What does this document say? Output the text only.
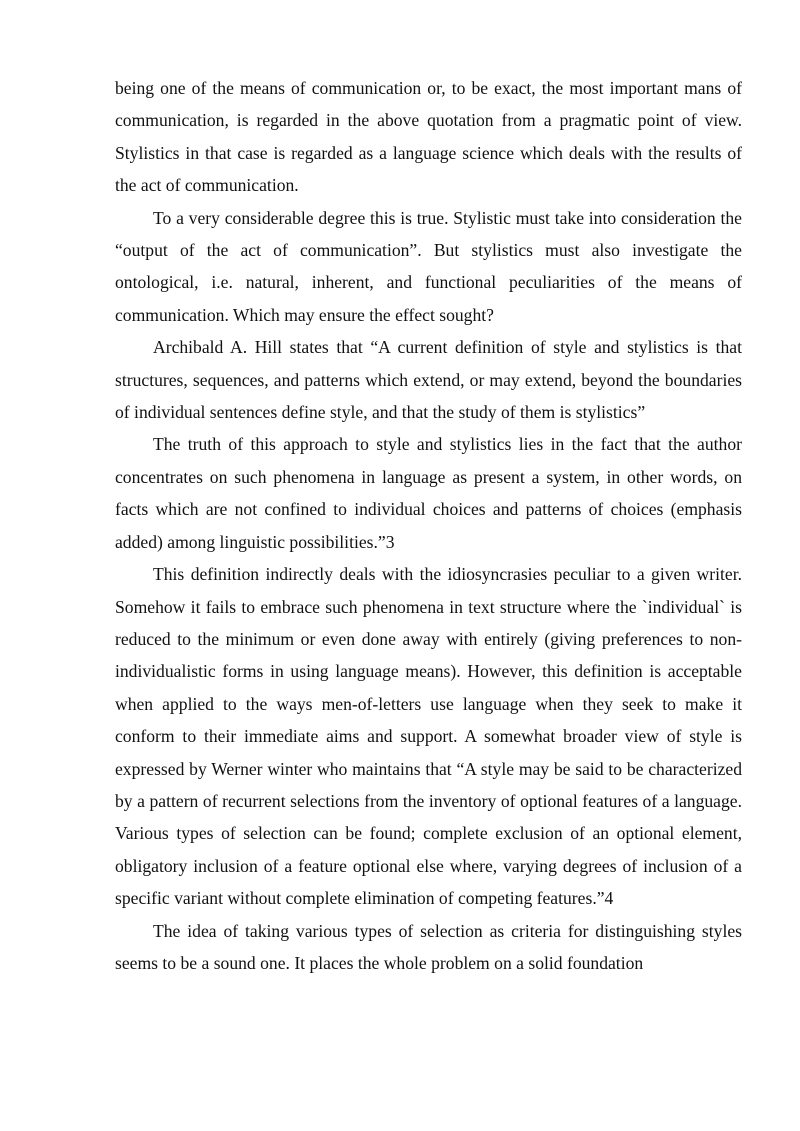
being one of the means of communication or, to be exact, the most important mans of communication, is regarded in the above quotation from a pragmatic point of view. Stylistics in that case is regarded as a language science which deals with the results of the act of communication.

To a very considerable degree this is true. Stylistic must take into consideration the “output of the act of communication”. But stylistics must also investigate the ontological, i.e. natural, inherent, and functional peculiarities of the means of communication. Which may ensure the effect sought?

Archibald A. Hill states that “A current definition of style and stylistics is that structures, sequences, and patterns which extend, or may extend, beyond the boundaries of individual sentences define style, and that the study of them is stylistics”

The truth of this approach to style and stylistics lies in the fact that the author concentrates on such phenomena in language as present a system, in other words, on facts which are not confined to individual choices and patterns of choices (emphasis added) among linguistic possibilities.”3

This definition indirectly deals with the idiosyncrasies peculiar to a given writer. Somehow it fails to embrace such phenomena in text structure where the `individual` is reduced to the minimum or even done away with entirely (giving preferences to non-individualistic forms in using language means). However, this definition is acceptable when applied to the ways men-of-letters use language when they seek to make it conform to their immediate aims and support. A somewhat broader view of style is expressed by Werner winter who maintains that “A style may be said to be characterized by a pattern of recurrent selections from the inventory of optional features of a language. Various types of selection can be found; complete exclusion of an optional element, obligatory inclusion of a feature optional else where, varying degrees of inclusion of a specific variant without complete elimination of competing features.”4

The idea of taking various types of selection as criteria for distinguishing styles seems to be a sound one. It places the whole problem on a solid foundation
